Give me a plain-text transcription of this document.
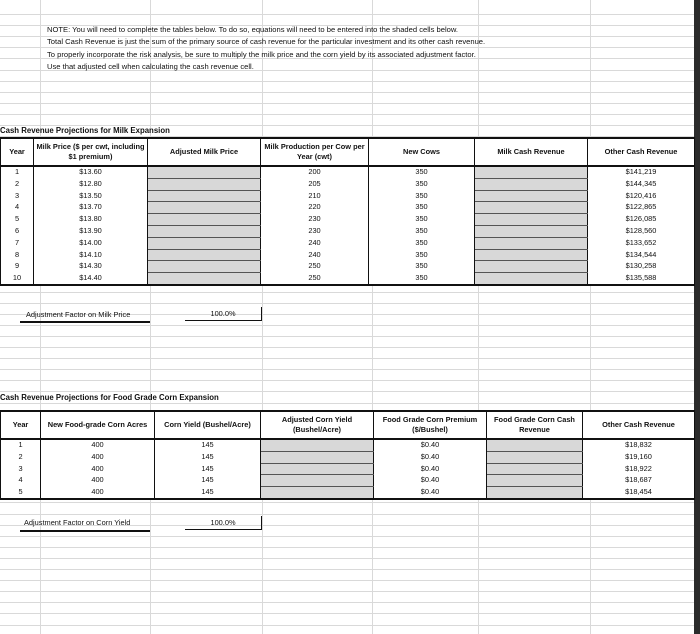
NOTE: You will need to complete the tables below. To do so, equations will need to be entered into the shaded cells below.
Total Cash Revenue is just the sum of the primary source of cash revenue for the particular investment and its other cash revenue.
To properly incorporate the risk analysis, be sure to multiply the milk price and the corn yield by its associated adjustment factor.
Use that adjusted cell when calculating the cash revenue cell.
Cash Revenue Projections for Milk Expansion
Year	Milk Price ($ per cwt, including $1 premium)	Adjusted Milk Price	Milk Production per Cow per Year (cwt)	New Cows	Milk Cash Revenue	Other Cash Revenue
1	$13.60		200	350		$141,219
2	$12.80		205	350		$144,345
3	$13.50		210	350		$120,416
4	$13.70		220	350		$122,865
5	$13.80		230	350		$126,085
6	$13.90		230	350		$128,560
7	$14.00		240	350		$133,652
8	$14.10		240	350		$134,544
9	$14.30		250	350		$130,258
10	$14.40		250	350		$135,588
Adjustment Factor on Milk Price	100.0%
Cash Revenue Projections for Food Grade Corn Expansion
Year	New Food-grade Corn Acres	Corn Yield (Bushel/Acre)	Adjusted Corn Yield (Bushel/Acre)	Food Grade Corn Premium ($/Bushel)	Food Grade Corn Cash Revenue	Other Cash Revenue
1	400	145		$0.40		$18,832
2	400	145		$0.40		$19,160
3	400	145		$0.40		$18,922
4	400	145		$0.40		$18,687
5	400	145		$0.40		$18,454
Adjustment Factor on Corn Yield	100.0%
